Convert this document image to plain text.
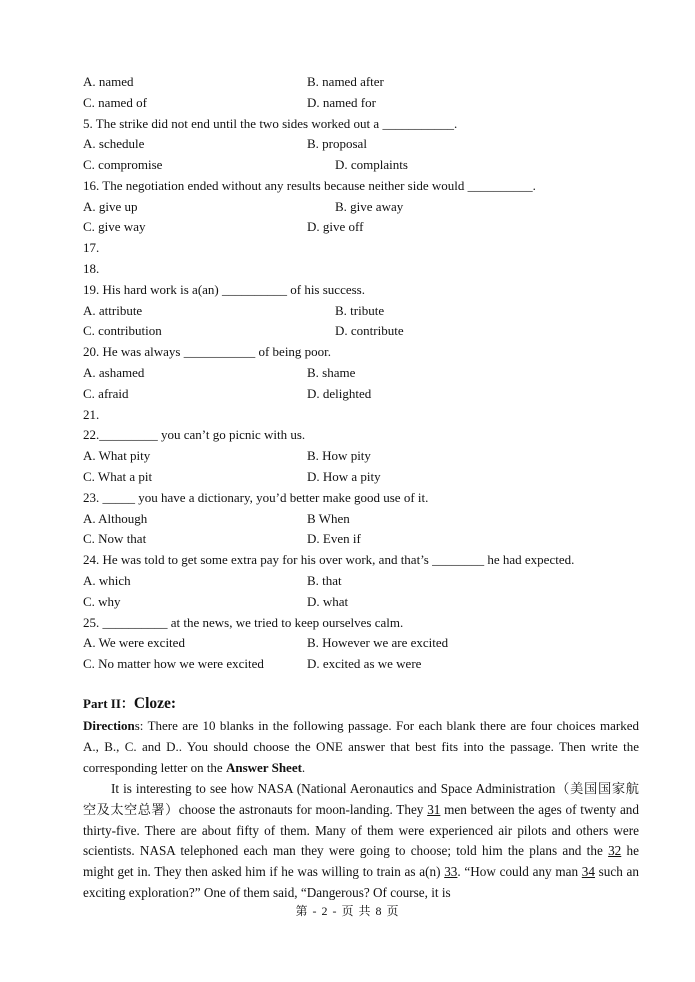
A. named	B. named after
C. named of	D. named for
5. The strike did not end until the two sides worked out a ___________.
A. schedule	B. proposal
C. compromise	D. complaints
16. The negotiation ended without any results because neither side would __________.
A. give up	B. give away
C. give way	D. give off
17.
18.
19. His hard work is a(an) __________ of his success.
A. attribute	B. tribute
C. contribution	D. contribute
20. He was always ___________ of being poor.
A. ashamed	B. shame
C. afraid	D. delighted
21.
22._________ you can’t go picnic with us.
A. What pity	B. How pity
C. What a pit	D. How a pity
23. _____ you have a dictionary, you’d better make good use of it.
A. Although	B When
C. Now that	D. Even if
24. He was told to get some extra pay for his over work, and that’s ________ he had expected.
A. which	B. that
C. why	D. what
25. __________ at the news, we tried to keep ourselves calm.
A. We were excited	B. However we are excited
C. No matter how we were excited	D. excited as we were
Part II：Cloze:
Directions: There are 10 blanks in the following passage. For each blank there are four choices marked A., B., C. and D.. You should choose the ONE answer that best fits into the passage. Then write the corresponding letter on the Answer Sheet.

It is interesting to see how NASA (National Aeronautics and Space Administration（美国国家航空及太空总署）choose the astronauts for moon-landing. They 31 men between the ages of twenty and thirty-five. There are about fifty of them. Many of them were experienced air pilots and others were scientists. NASA telephoned each man they were going to choose; told him the plans and the 32 he might get in. They then asked him if he was willing to train as a(n) 33. “How could any man 34 such an exciting exploration?” One of them said, “Dangerous? Of course, it is

第 - 2 - 页 共 8 页
